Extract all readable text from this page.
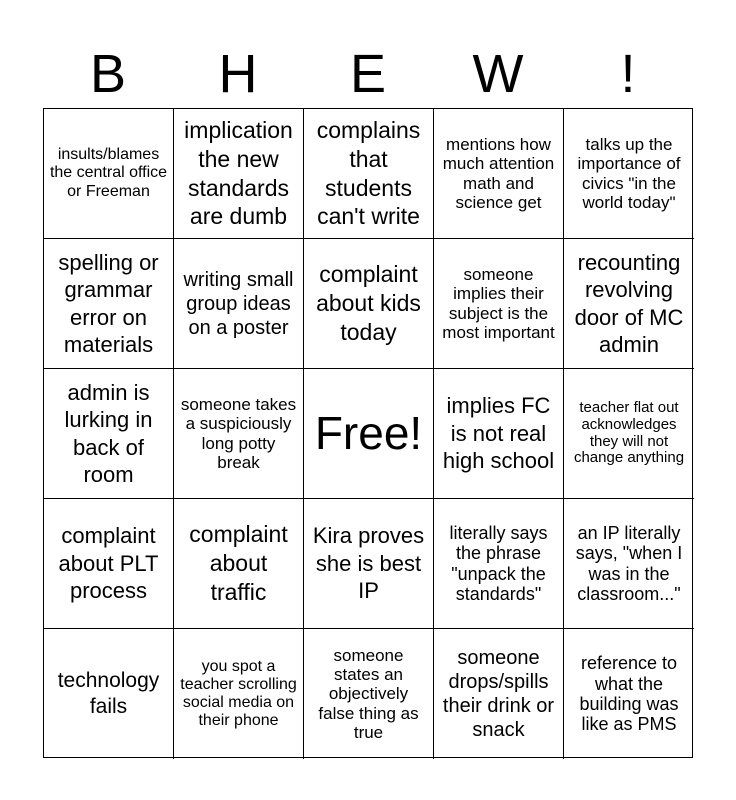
B	H	E	W	!
insults/blames the central office or Freeman
implication the new standards are dumb
complains that students can't write
mentions how much attention math and science get
talks up the importance of civics "in the world today"
spelling or grammar error on materials
writing small group ideas on a poster
complaint about kids today
someone implies their subject is the most important
recounting revolving door of MC admin
admin is lurking in back of room
someone takes a suspiciously long potty break
Free!
implies FC is not real high school
teacher flat out acknowledges they will not change anything
complaint about PLT process
complaint about traffic
Kira proves she is best IP
literally says the phrase "unpack the standards"
an IP literally says, "when I was in the classroom..."
technology fails
you spot a teacher scrolling social media on their phone
someone states an objectively false thing as true
someone drops/spills their drink or snack
reference to what the building was like as PMS
